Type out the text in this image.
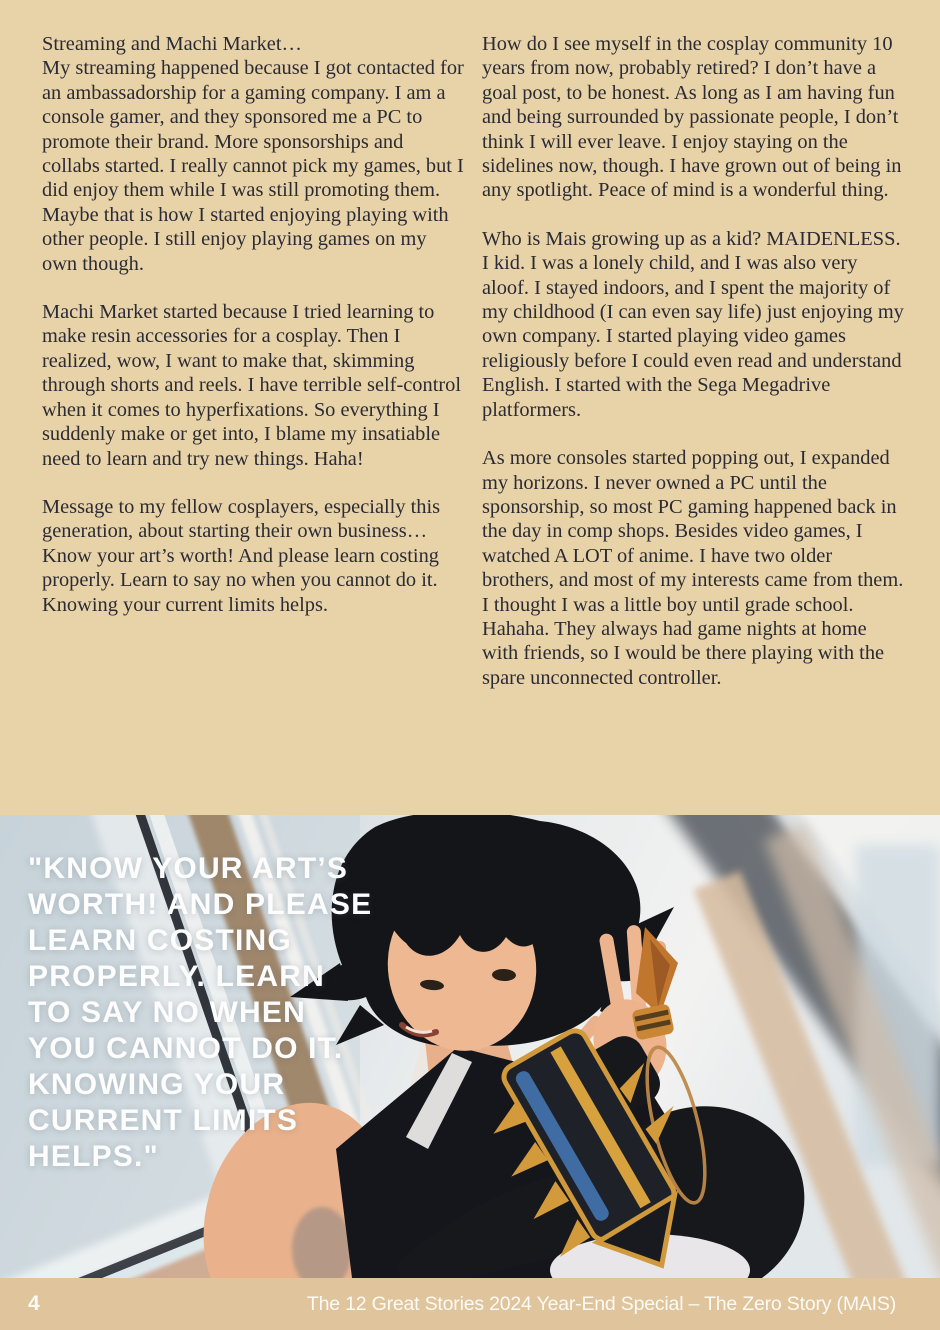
Streaming and Machi Market…

My streaming happened because I got contacted for an ambassadorship for a gaming company. I am a console gamer, and they sponsored me a PC to promote their brand. More sponsorships and collabs started. I really cannot pick my games, but I did enjoy them while I was still promoting them. Maybe that is how I started enjoying playing with other people. I still enjoy playing games on my own though.

Machi Market started because I tried learning to make resin accessories for a cosplay. Then I realized, wow, I want to make that, skimming through shorts and reels. I have terrible self-control when it comes to hyperfixations. So everything I suddenly make or get into, I blame my insatiable need to learn and try new things. Haha!

Message to my fellow cosplayers, especially this generation, about starting their own business… Know your art’s worth! And please learn costing properly. Learn to say no when you cannot do it. Knowing your current limits helps.

How do I see myself in the cosplay community 10 years from now, probably retired? I don’t have a goal post, to be honest. As long as I am having fun and being surrounded by passionate people, I don’t think I will ever leave. I enjoy staying on the sidelines now, though. I have grown out of being in any spotlight. Peace of mind is a wonderful thing.

Who is Mais growing up as a kid? MAIDENLESS. I kid. I was a lonely child, and I was also very aloof. I stayed indoors, and I spent the majority of my childhood (I can even say life) just enjoying my own company. I started playing video games religiously before I could even read and understand English. I started with the Sega Megadrive platformers.

As more consoles started popping out, I expanded my horizons. I never owned a PC until the sponsorship, so most PC gaming happened back in the day in comp shops. Besides video games, I watched A LOT of anime. I have two older brothers, and most of my interests came from them. I thought I was a little boy until grade school. Hahaha. They always had game nights at home with friends, so I would be there playing with the spare unconnected controller.

"KNOW YOUR ART’S
WORTH! AND PLEASE
LEARN COSTING
PROPERLY. LEARN
TO SAY NO WHEN
YOU CANNOT DO IT.
KNOWING YOUR
CURRENT LIMITS
HELPS."
4	The 12 Great Stories 2024 Year-End Special – The Zero Story (MAIS)
